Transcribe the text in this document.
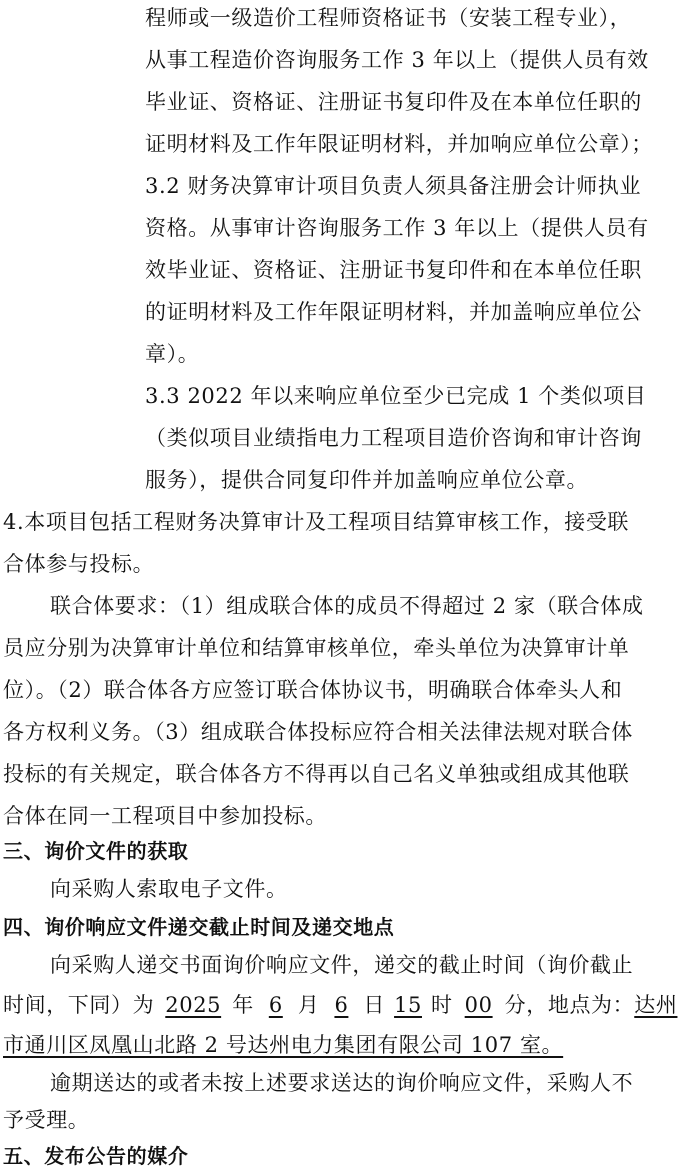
程师或一级造价工程师资格证书（安装工程专业），
从事工程造价咨询服务工作 3 年以上（提供人员有效
毕业证、资格证、注册证书复印件及在本单位任职的
证明材料及工作年限证明材料，并加响应单位公章）；
3.2 财务决算审计项目负责人须具备注册会计师执业
资格。从事审计咨询服务工作 3 年以上（提供人员有
效毕业证、资格证、注册证书复印件和在本单位任职
的证明材料及工作年限证明材料，并加盖响应单位公
章）。
3.3 2022 年以来响应单位至少已完成 1 个类似项目
（类似项目业绩指电力工程项目造价咨询和审计咨询
服务），提供合同复印件并加盖响应单位公章。
4.本项目包括工程财务决算审计及工程项目结算审核工作，接受联
合体参与投标。
联合体要求：（1）组成联合体的成员不得超过 2 家（联合体成
员应分别为决算审计单位和结算审核单位，牵头单位为决算审计单
位）。（2）联合体各方应签订联合体协议书，明确联合体牵头人和
各方权利义务。（3）组成联合体投标应符合相关法律法规对联合体
投标的有关规定，联合体各方不得再以自己名义单独或组成其他联
合体在同一工程项目中参加投标。
三、询价文件的获取
向采购人索取电子文件。
四、询价响应文件递交截止时间及递交地点
向采购人递交书面询价响应文件，递交的截止时间（询价截止
时间，下同）为 2025 年 6 月 6 日 15 时 00 分，地点为：达州
市通川区凤凰山北路 2 号达州电力集团有限公司 107 室。
逾期送达的或者未按上述要求送达的询价响应文件，采购人不
予受理。
五、发布公告的媒介
